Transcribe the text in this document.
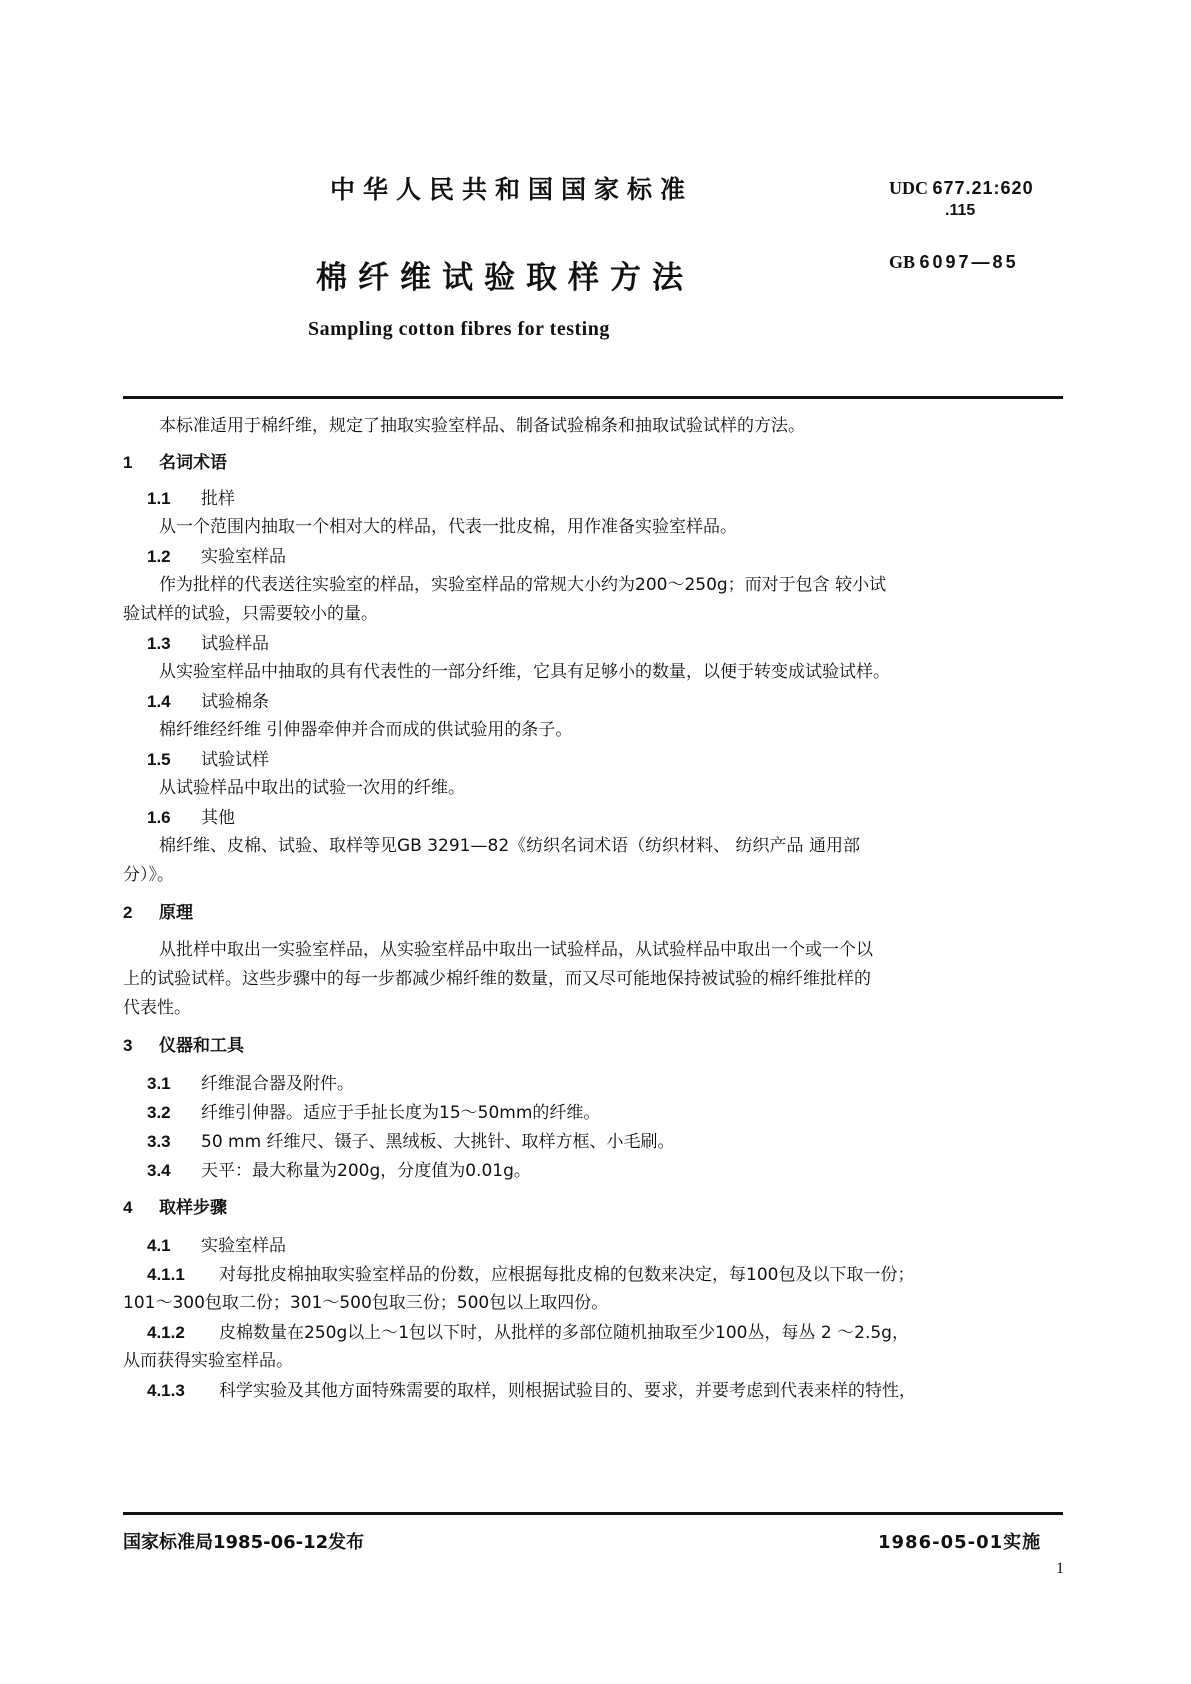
中华人民共和国国家标准	UDC 677.21:620
.115
棉纤维试验取样方法	GB 6097—85
Sampling cotton fibres for testing
本标准适用于棉纤维，规定了抽取实验室样品、制备试验棉条和抽取试验试样的方法。
1 名词术语
1.1 批样
从一个范围内抽取一个相对大的样品，代表一批皮棉，用作准备实验室样品。
1.2 实验室样品
作为批样的代表送往实验室的样品，实验室样品的常规大小约为200～250g；而对于包含 较小试
验试样的试验，只需要较小的量。
1.3 试验样品
从实验室样品中抽取的具有代表性的一部分纤维，它具有足够小的数量，以便于转变成试验试样。
1.4 试验棉条
棉纤维经纤维 引伸器牵伸并合而成的供试验用的条子。
1.5 试验试样
从试验样品中取出的试验一次用的纤维。
1.6 其他
棉纤维、皮棉、试验、取样等见GB 3291—82《纺织名词术语（纺织材料、 纺织产品 通用部
分）》。
2 原理
从批样中取出一实验室样品，从实验室样品中取出一试验样品，从试验样品中取出一个或一个以
上的试验试样。这些步骤中的每一步都减少棉纤维的数量，而又尽可能地保持被试验的棉纤维批样的
代表性。
3 仪器和工具
3.1 纤维混合器及附件。
3.2 纤维引伸器。适应于手扯长度为15～50mm的纤维。
3.3 50 mm 纤维尺、镊子、黑绒板、大挑针、取样方框、小毛刷。
3.4 天平：最大称量为200g，分度值为0.01g。
4 取样步骤
4.1 实验室样品
4.1.1 对每批皮棉抽取实验室样品的份数，应根据每批皮棉的包数来决定，每100包及以下取一份；
101～300包取二份；301～500包取三份；500包以上取四份。
4.1.2 皮棉数量在250g以上～1包以下时，从批样的多部位随机抽取至少100丛，每丛 2 ～2.5g，
从而获得实验室样品。
4.1.3 科学实验及其他方面特殊需要的取样，则根据试验目的、要求，并要考虑到代表来样的特性，
国家标准局1985-06-12发布	1986-05-01实施
1
